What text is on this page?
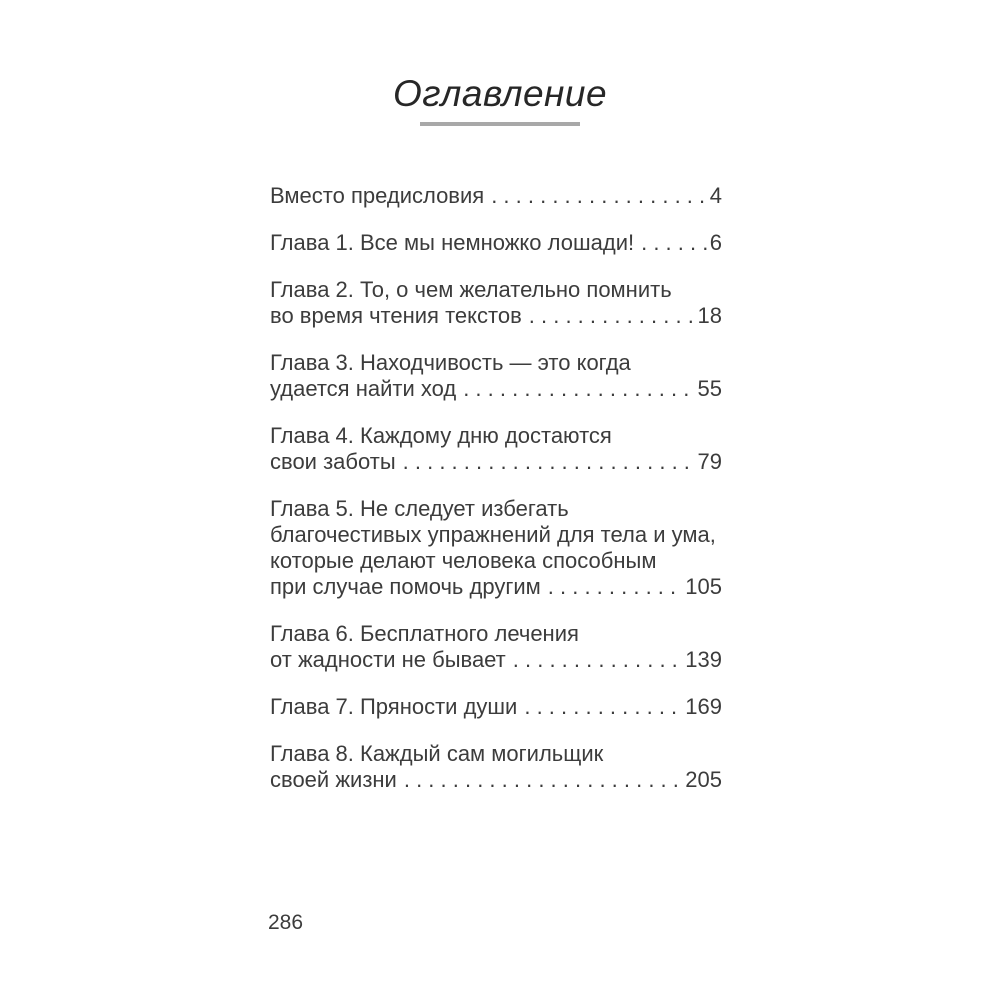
Оглавление
Вместо предисловия . . .	4
Глава 1. Все мы немножко лошади! . . .	6
Глава 2. То, о чем желательно помнить
во время чтения текстов . . .	18
Глава 3. Находчивость — это когда
удается найти ход . . .	55
Глава 4. Каждому дню достаются
свои заботы . . .	79
Глава 5. Не следует избегать
благочестивых упражнений для тела и ума,
которые делают человека способным
при случае помочь другим . . .	105
Глава 6. Бесплатного лечения
от жадности не бывает . . .	139
Глава 7. Пряности души . . .	169
Глава 8. Каждый сам могильщик
своей жизни . . .	205
286
